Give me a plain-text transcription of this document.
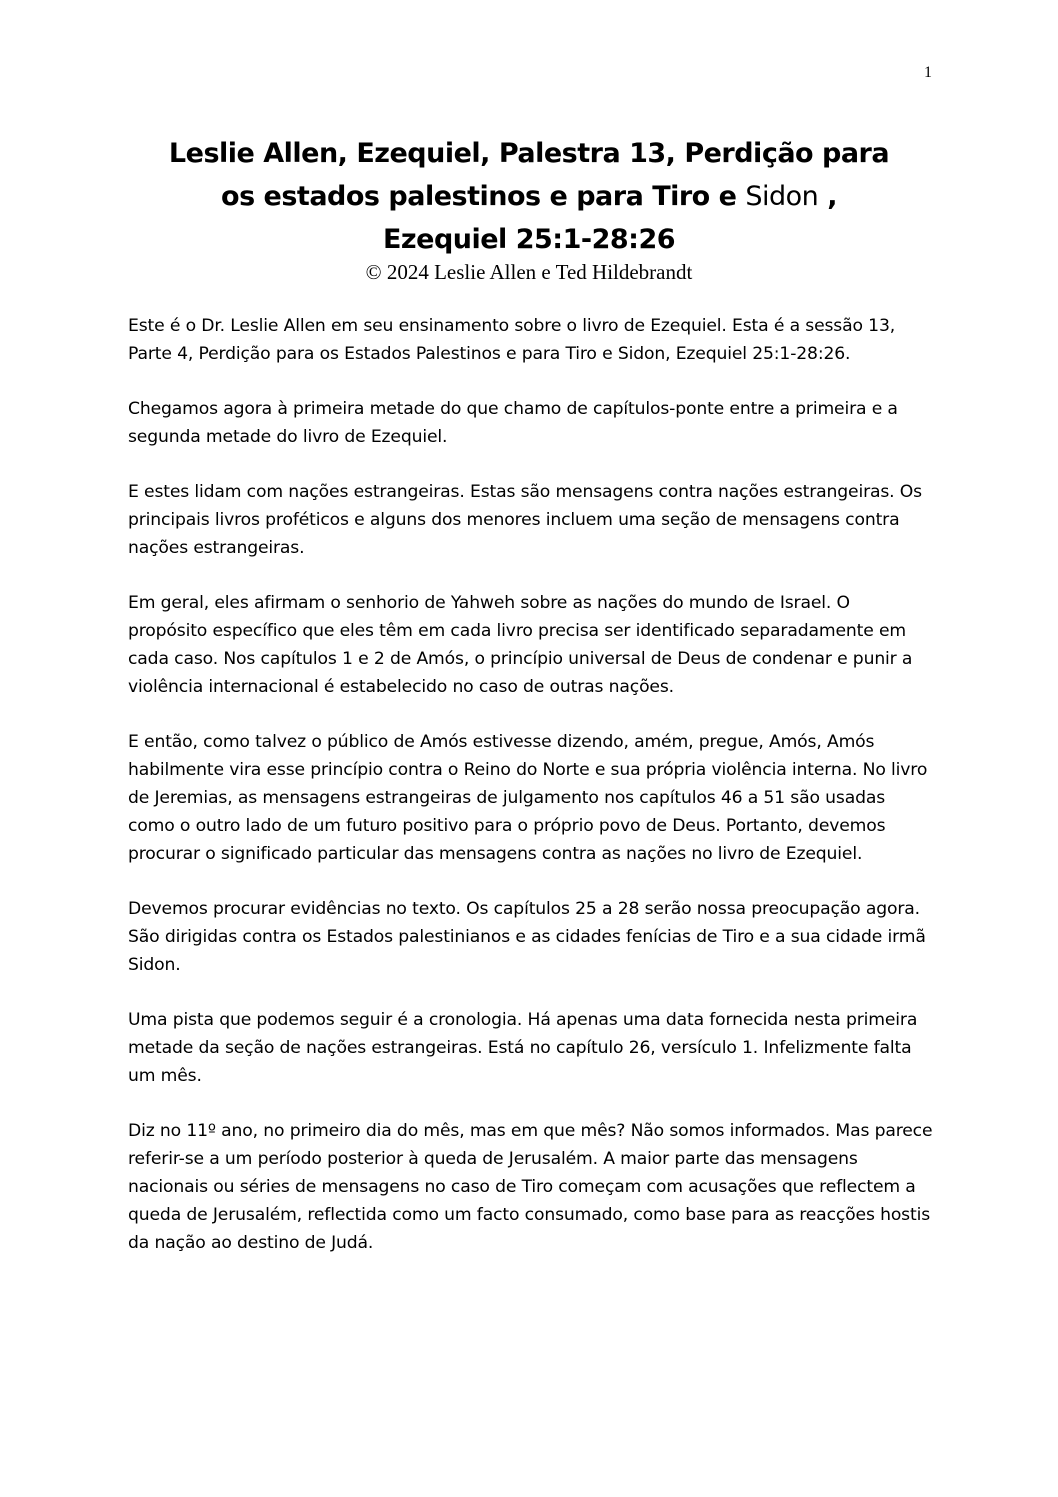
1
Leslie Allen, Ezequiel, Palestra 13, Perdição para
os estados palestinos e para Tiro e Sidon ,
Ezequiel 25:1-28:26
© 2024 Leslie Allen e Ted Hildebrandt

Este é o Dr. Leslie Allen em seu ensinamento sobre o livro de Ezequiel. Esta é a sessão 13, Parte 4, Perdição para os Estados Palestinos e para Tiro e Sidon, Ezequiel 25:1-28:26.

Chegamos agora à primeira metade do que chamo de capítulos-ponte entre a primeira e a segunda metade do livro de Ezequiel.

E estes lidam com nações estrangeiras. Estas são mensagens contra nações estrangeiras. Os principais livros proféticos e alguns dos menores incluem uma seção de mensagens contra nações estrangeiras.

Em geral, eles afirmam o senhorio de Yahweh sobre as nações do mundo de Israel. O propósito específico que eles têm em cada livro precisa ser identificado separadamente em cada caso. Nos capítulos 1 e 2 de Amós, o princípio universal de Deus de condenar e punir a violência internacional é estabelecido no caso de outras nações.

E então, como talvez o público de Amós estivesse dizendo, amém, pregue, Amós, Amós habilmente vira esse princípio contra o Reino do Norte e sua própria violência interna. No livro de Jeremias, as mensagens estrangeiras de julgamento nos capítulos 46 a 51 são usadas como o outro lado de um futuro positivo para o próprio povo de Deus. Portanto, devemos procurar o significado particular das mensagens contra as nações no livro de Ezequiel.

Devemos procurar evidências no texto. Os capítulos 25 a 28 serão nossa preocupação agora. São dirigidas contra os Estados palestinianos e as cidades fenícias de Tiro e a sua cidade irmã Sidon.

Uma pista que podemos seguir é a cronologia. Há apenas uma data fornecida nesta primeira metade da seção de nações estrangeiras. Está no capítulo 26, versículo 1. Infelizmente falta um mês.

Diz no 11º ano, no primeiro dia do mês, mas em que mês? Não somos informados. Mas parece referir-se a um período posterior à queda de Jerusalém. A maior parte das mensagens nacionais ou séries de mensagens no caso de Tiro começam com acusações que reflectem a queda de Jerusalém, reflectida como um facto consumado, como base para as reacções hostis da nação ao destino de Judá.
